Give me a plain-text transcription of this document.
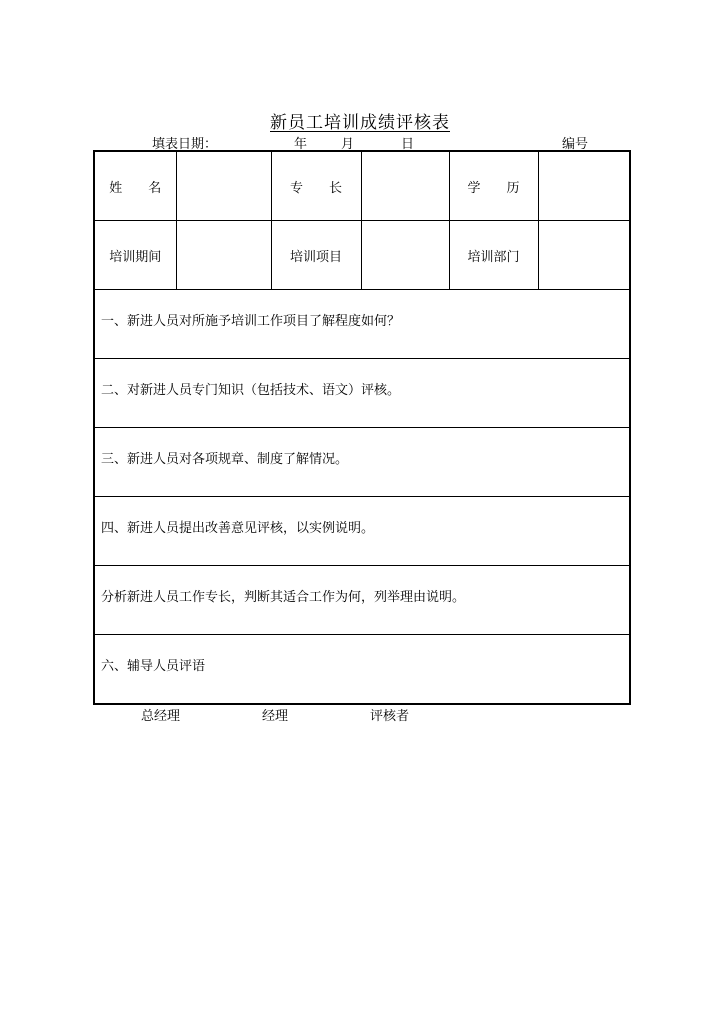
新员工培训成绩评核表
填表日期：	年	月	日	编号
姓　　名		专　　长		学　　历	
培训期间		培训项目		培训部门	
一、新进人员对所施予培训工作项目了解程度如何？					
二、对新进人员专门知识（包括技术、语文）评核。					
三、新进人员对各项规章、制度了解情况。					
四、新进人员提出改善意见评核，以实例说明。					
分析新进人员工作专长，判断其适合工作为何，列举理由说明。					
六、辅导人员评语					
总经理	经理	评核者
